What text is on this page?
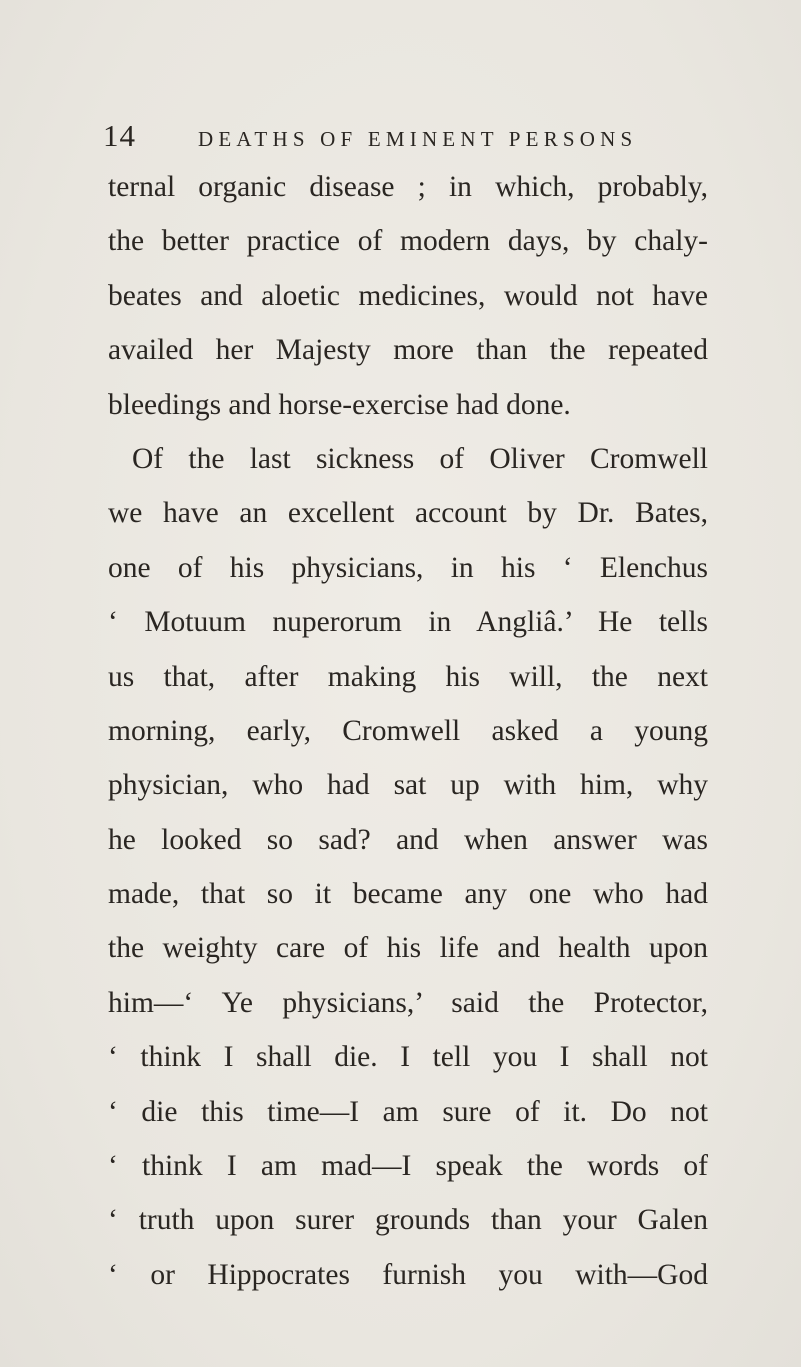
14	DEATHS OF EMINENT PERSONS
ternal organic disease ; in which, probably,
the better practice of modern days, by chaly-
beates and aloetic medicines, would not have
availed her Majesty more than the repeated
bleedings and horse-exercise had done.
Of the last sickness of Oliver Cromwell
we have an excellent account by Dr. Bates,
one of his physicians, in his ‘ Elenchus
‘ Motuum nuperorum in Angliâ.’ He tells
us that, after making his will, the next
morning, early, Cromwell asked a young
physician, who had sat up with him, why
he looked so sad? and when answer was
made, that so it became any one who had
the weighty care of his life and health upon
him—‘ Ye physicians,’ said the Protector,
‘ think I shall die. I tell you I shall not
‘ die this time—I am sure of it. Do not
‘ think I am mad—I speak the words of
‘ truth upon surer grounds than your Galen
‘ or Hippocrates furnish you with—God
